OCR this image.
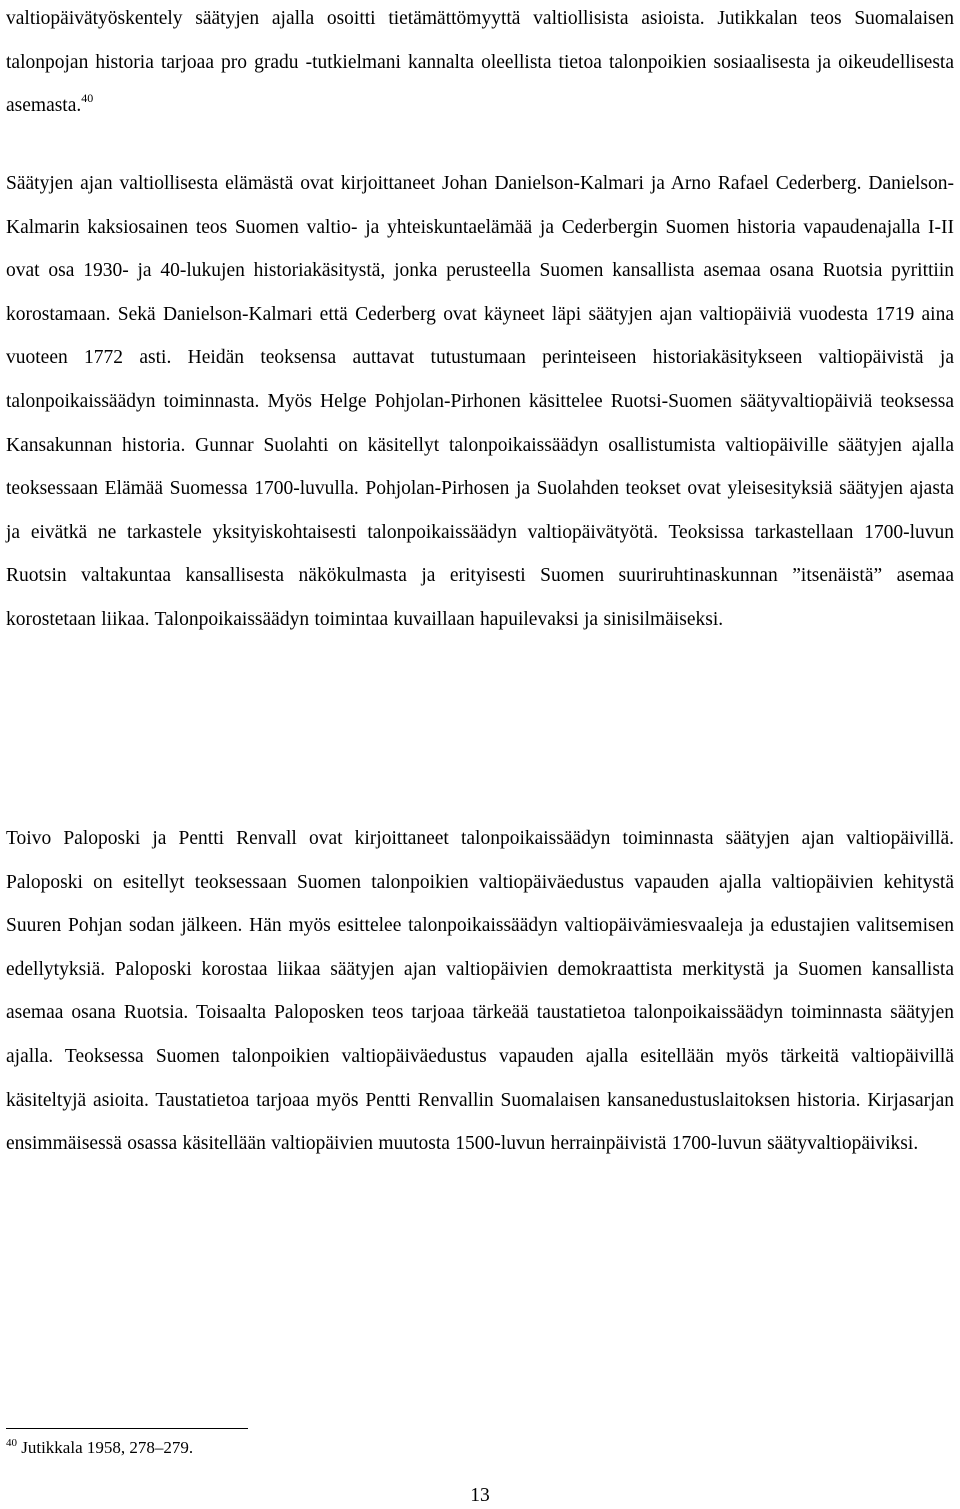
valtiopäivätyöskentely säätyjen ajalla osoitti tietämättömyyttä valtiollisista asioista. Jutikkalan teos Suomalaisen talonpojan historia tarjoaa pro gradu -tutkielmani kannalta oleellista tietoa talonpoikien sosiaalisesta ja oikeudellisesta asemasta.$^{40}$

Säätyjen ajan valtiollisesta elämästä ovat kirjoittaneet Johan Danielson-Kalmari ja Arno Rafael Cederberg. Danielson-Kalmarin kaksiosainen teos Suomen valtio- ja yhteiskuntaelämää ja Cederbergin Suomen historia vapaudenajalla I-II ovat osa 1930- ja 40-lukujen historiakäsitystä, jonka perusteella Suomen kansallista asemaa osana Ruotsia pyrittiin korostamaan. Sekä Danielson-Kalmari että Cederberg ovat käyneet läpi säätyjen ajan valtiopäiviä vuodesta 1719 aina vuoteen 1772 asti. Heidän teoksensa auttavat tutustumaan perinteiseen historiakäsitykseen valtiopäivistä ja talonpoikaissäädyn toiminnasta. Myös Helge Pohjolan-Pirhonen käsittelee Ruotsi-Suomen säätyvaltiopäiviä teoksessa Kansakunnan historia. Gunnar Suolahti on käsitellyt talonpoikaissäädyn osallistumista valtiopäiville säätyjen ajalla teoksessaan Elämää Suomessa 1700-luvulla. Pohjolan-Pirhosen ja Suolahden teokset ovat yleisesityksiä säätyjen ajasta ja eivätkä ne tarkastele yksityiskohtaisesti talonpoikaissäädyn valtiopäivätyötä. Teoksissa tarkastellaan 1700-luvun Ruotsin valtakuntaa kansallisesta näkökulmasta ja erityisesti Suomen suuriruhtinaskunnan ”itsenäistä” asemaa korostetaan liikaa. Talonpoikaissäädyn toimintaa kuvaillaan hapuilevaksi ja sinisilmäiseksi.

Toivo Paloposki ja Pentti Renvall ovat kirjoittaneet talonpoikaissäädyn toiminnasta säätyjen ajan valtiopäivillä. Paloposki on esitellyt teoksessaan Suomen talonpoikien valtiopäiväedustus vapauden ajalla valtiopäivien kehitystä Suuren Pohjan sodan jälkeen. Hän myös esittelee talonpoikaissäädyn valtiopäivämiesvaaleja ja edustajien valitsemisen edellytyksiä. Paloposki korostaa liikaa säätyjen ajan valtiopäivien demokraattista merkitystä ja Suomen kansallista asemaa osana Ruotsia. Toisaalta Paloposken teos tarjoaa tärkeää taustatietoa talonpoikaissäädyn toiminnasta säätyjen ajalla. Teoksessa Suomen talonpoikien valtiopäiväedustus vapauden ajalla esitellään myös tärkeitä valtiopäivillä käsiteltyjä asioita. Taustatietoa tarjoaa myös Pentti Renvallin Suomalaisen kansanedustuslaitoksen historia. Kirjasarjan ensimmäisessä osassa käsitellään valtiopäivien muutosta 1500-luvun herrainpäivistä 1700-luvun säätyvaltiopäiviksi.

$^{40}$ Jutikkala 1958, 278–279.

13
